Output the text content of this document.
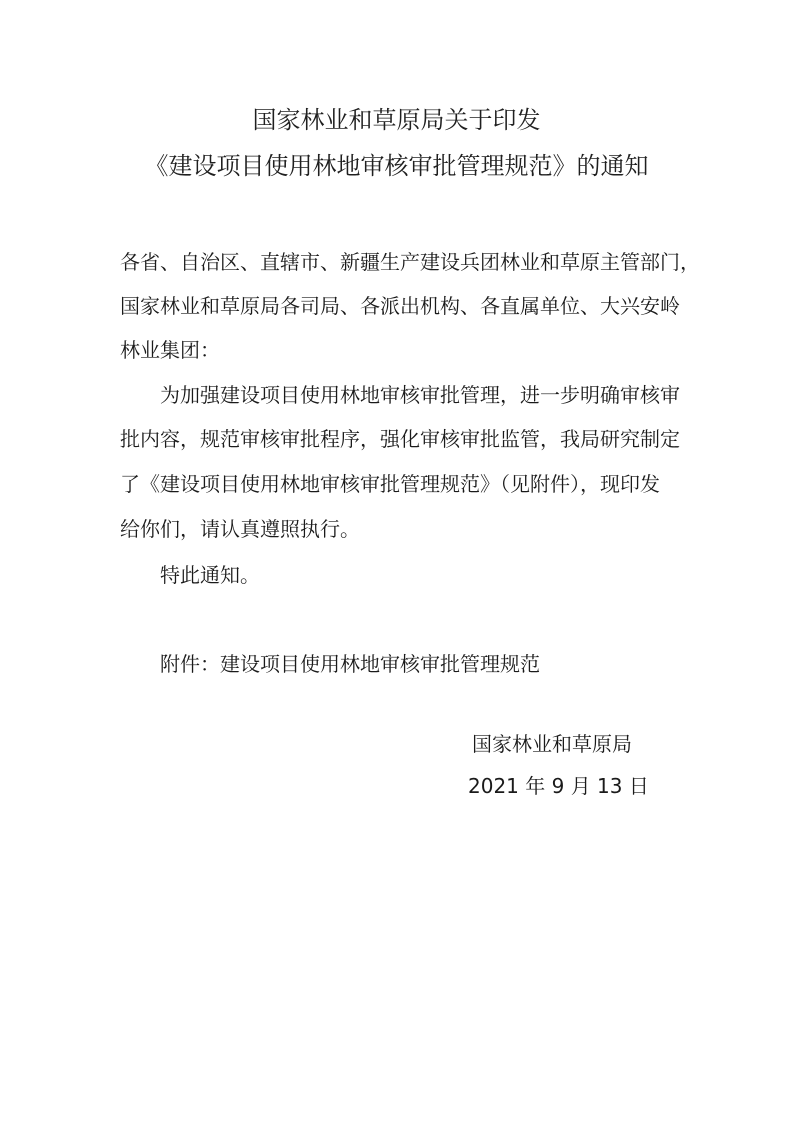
国家林业和草原局关于印发
《建设项目使用林地审核审批管理规范》的通知
各省、自治区、直辖市、新疆生产建设兵团林业和草原主管部门，
国家林业和草原局各司局、各派出机构、各直属单位、大兴安岭
林业集团：
为加强建设项目使用林地审核审批管理，进一步明确审核审
批内容，规范审核审批程序，强化审核审批监管，我局研究制定
了《建设项目使用林地审核审批管理规范》（见附件），现印发
给你们，请认真遵照执行。
特此通知。
附件：建设项目使用林地审核审批管理规范
国家林业和草原局
2021 年 9 月 13 日
